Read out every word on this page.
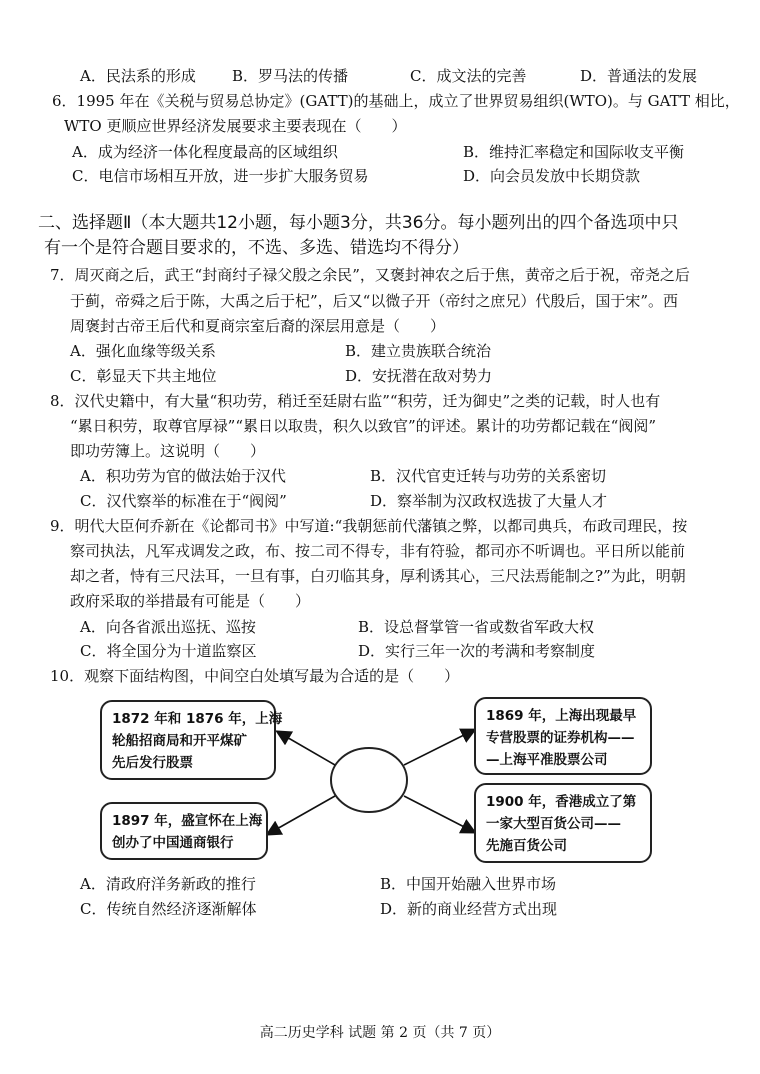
A．民法系的形成 B．罗马法的传播	C．成文法的完善	D．普通法的发展
6．1995 年在《关税与贸易总协定》(GATT)的基础上，成立了世界贸易组织(WTO)。与 GATT 相比，
WTO 更顺应世界经济发展要求主要表现在（　　）
A．成为经济一体化程度最高的区域组织	B．维持汇率稳定和国际收支平衡
C．电信市场相互开放，进一步扩大服务贸易	D．向会员发放中长期贷款
二、选择题Ⅱ（本大题共12小题，每小题3分，共36分。每小题列出的四个备选项中只
有一个是符合题目要求的，不选、多选、错选均不得分）
7．周灭商之后，武王“封商纣子禄父殷之余民”，又褒封神农之后于焦，黄帝之后于祝，帝尧之后
于蓟，帝舜之后于陈，大禹之后于杞”，后又“以微子开（帝纣之庶兄）代殷后，国于宋”。西
周褒封古帝王后代和夏商宗室后裔的深层用意是（　　）
A．强化血缘等级关系	B．建立贵族联合统治
C．彰显天下共主地位	D．安抚潜在敌对势力
8．汉代史籍中，有大量“积功劳，稍迁至廷尉右监”“积劳，迁为御史”之类的记载，时人也有
“累日积劳，取尊官厚禄”“累日以取贵，积久以致官”的评述。累计的功劳都记载在“阀阅”
即功劳簿上。这说明（　　）
A．积功劳为官的做法始于汉代	B．汉代官吏迁转与功劳的关系密切
C．汉代察举的标准在于“阀阅”	D．察举制为汉政权选拔了大量人才
9．明代大臣何乔新在《论都司书》中写道:“我朝惩前代藩镇之弊，以都司典兵，布政司理民，按
察司执法，凡军戎调发之政，布、按二司不得专，非有符验，都司亦不听调也。平日所以能前
却之者，恃有三尺法耳，一旦有事，白刃临其身，厚利诱其心，三尺法焉能制之?”为此，明朝
政府采取的举措最有可能是（　　）
A．向各省派出巡抚、巡按	B．设总督掌管一省或数省军政大权
C．将全国分为十道监察区	D．实行三年一次的考满和考察制度
10．观察下面结构图，中间空白处填写最为合适的是（　　）
1872 年和 1876 年，上海
轮船招商局和开平煤矿
先后发行股票
1897 年，盛宣怀在上海
创办了中国通商银行
1869 年，上海出现最早
专营股票的证券机构——
—上海平准股票公司
1900 年，香港成立了第
一家大型百货公司——
先施百货公司
A．清政府洋务新政的推行	B．中国开始融入世界市场
C．传统自然经济逐渐解体	D．新的商业经营方式出现
高二历史学科 试题 第 2 页（共 7 页）
